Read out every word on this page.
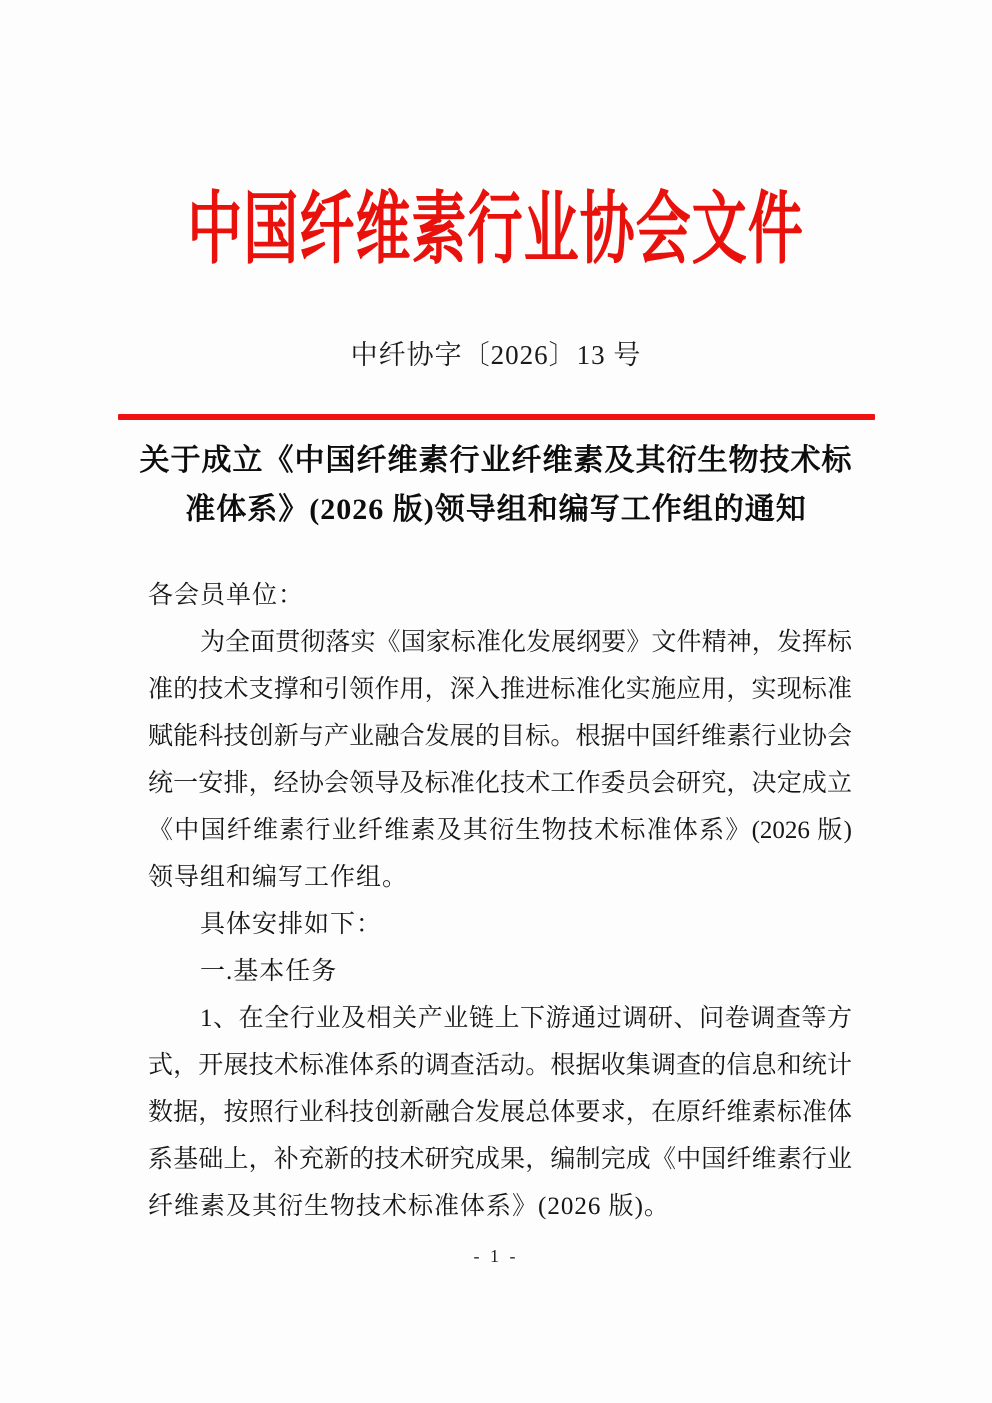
中国纤维素行业协会文件
中纤协字〔2026〕13 号
关于成立《中国纤维素行业纤维素及其衍生物技术标
准体系》(2026 版)领导组和编写工作组的通知
各会员单位：
为全面贯彻落实《国家标准化发展纲要》文件精神，发挥标
准的技术支撑和引领作用，深入推进标准化实施应用，实现标准
赋能科技创新与产业融合发展的目标。根据中国纤维素行业协会
统一安排，经协会领导及标准化技术工作委员会研究，决定成立
《中国纤维素行业纤维素及其衍生物技术标准体系》(2026 版)
领导组和编写工作组。
具体安排如下：
一.基本任务
1、在全行业及相关产业链上下游通过调研、问卷调查等方
式，开展技术标准体系的调查活动。根据收集调查的信息和统计
数据，按照行业科技创新融合发展总体要求，在原纤维素标准体
系基础上，补充新的技术研究成果，编制完成《中国纤维素行业
纤维素及其衍生物技术标准体系》(2026 版)。
- 1 -
